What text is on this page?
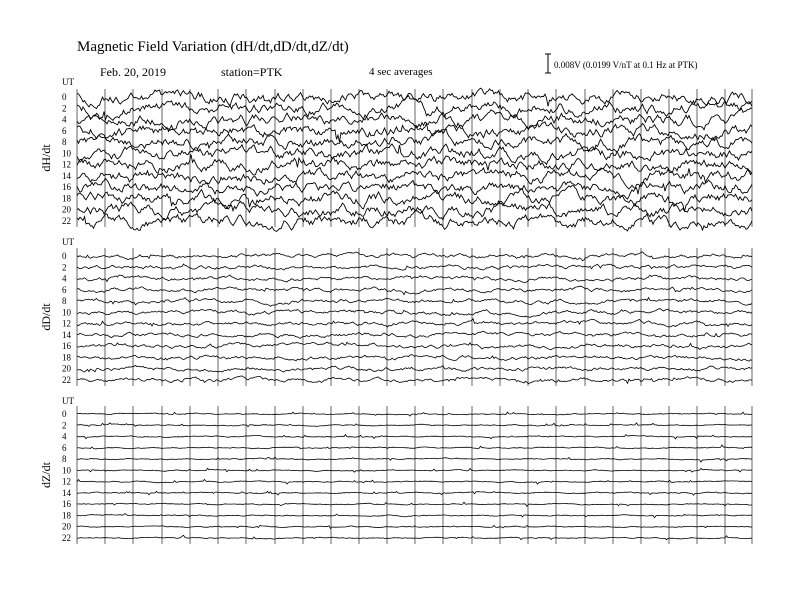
Magnetic Field Variation (dH/dt,dD/dt,dZ/dt)
Feb. 20, 2019	station=PTK	4 sec averages
0.008V (0.0199 V/nT at 0.1 Hz at PTK)
UT
dH/dt
0
2
4
6
8
10
12
14
16
18
20
22
UT
dD/dt
0
2
4
6
8
10
12
14
16
18
20
22
UT
dZ/dt
0
2
4
6
8
10
12
14
16
18
20
22
